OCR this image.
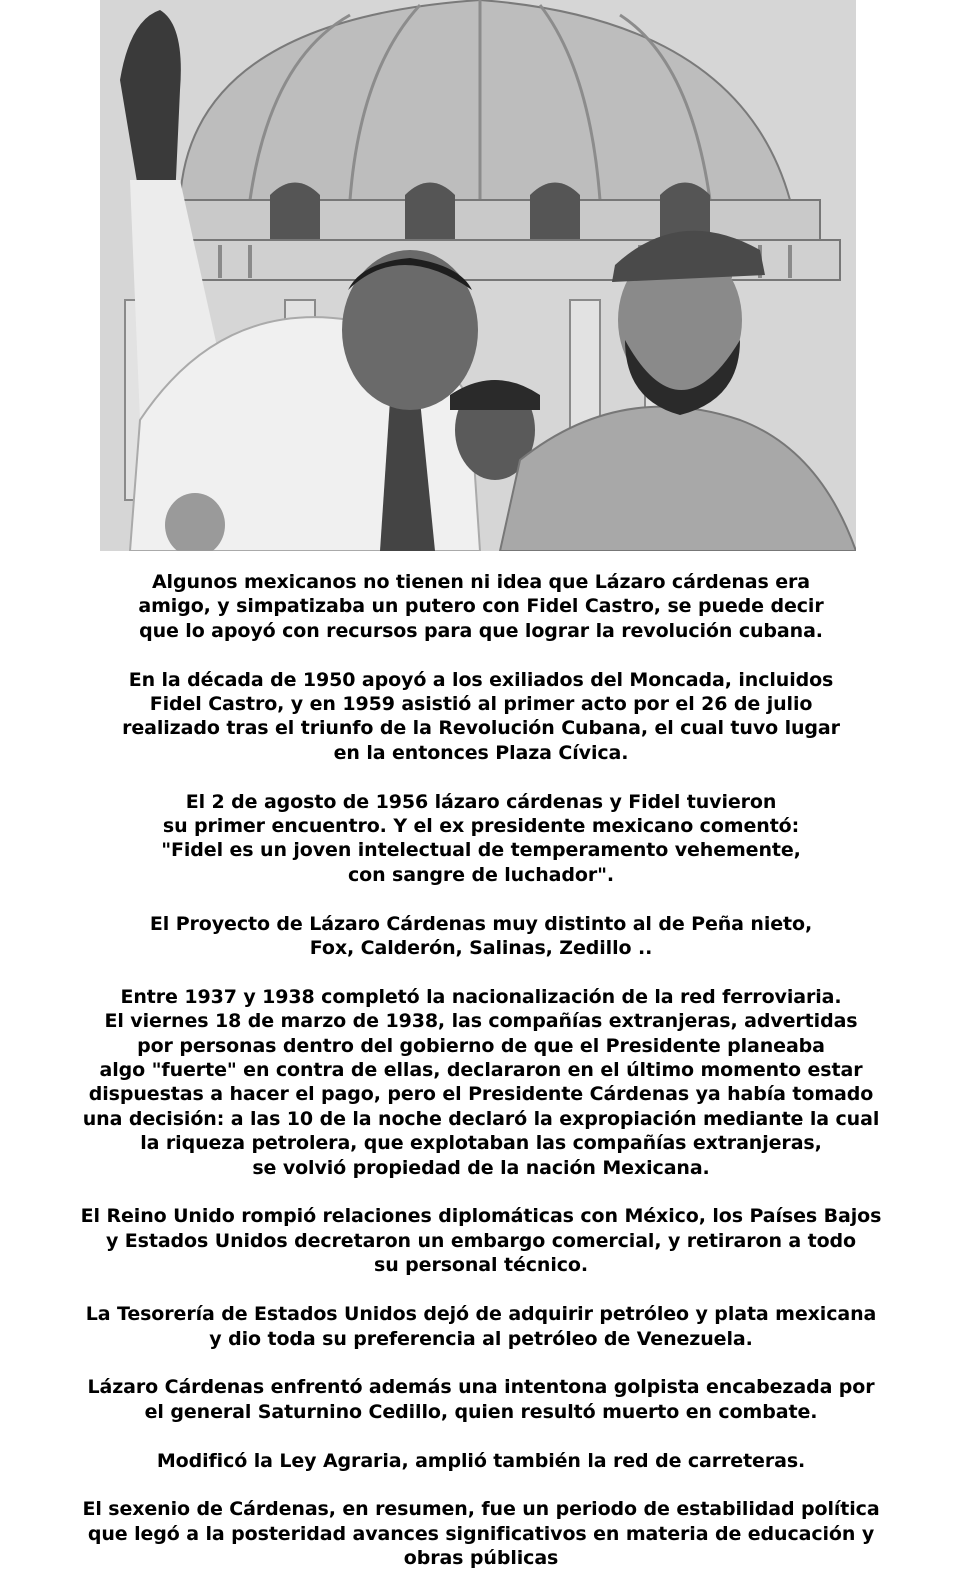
Algunos mexicanos no tienen ni idea que Lázaro cárdenas era
amigo, y simpatizaba un putero con Fidel Castro, se puede decir
que lo apoyó con recursos para que lograr la revolución cubana.

En la década de 1950 apoyó a los exiliados del Moncada, incluidos
Fidel Castro, y en 1959 asistió al primer acto por el 26 de julio
realizado tras el triunfo de la Revolución Cubana, el cual tuvo lugar
en la entonces Plaza Cívica.

El 2 de agosto de 1956 lázaro cárdenas y Fidel tuvieron
su primer encuentro. Y el ex presidente mexicano comentó:
"Fidel es un joven intelectual de temperamento vehemente,
con sangre de luchador".

El Proyecto de Lázaro Cárdenas muy distinto al de Peña nieto,
Fox, Calderón, Salinas, Zedillo ..

Entre 1937 y 1938 completó la nacionalización de la red ferroviaria.
El viernes 18 de marzo de 1938, las compañías extranjeras, advertidas
por personas dentro del gobierno de que el Presidente planeaba
algo "fuerte" en contra de ellas, declararon en el último momento estar
dispuestas a hacer el pago, pero el Presidente Cárdenas ya había tomado
una decisión: a las 10 de la noche declaró la expropiación mediante la cual
la riqueza petrolera, que explotaban las compañías extranjeras,
se volvió propiedad de la nación Mexicana.

El Reino Unido rompió relaciones diplomáticas con México, los Países Bajos
y Estados Unidos decretaron un embargo comercial, y retiraron a todo
su personal técnico.

La Tesorería de Estados Unidos dejó de adquirir petróleo y plata mexicana
y dio toda su preferencia al petróleo de Venezuela.

Lázaro Cárdenas enfrentó además una intentona golpista encabezada por
el general Saturnino Cedillo, quien resultó muerto en combate.

Modificó la Ley Agraria, amplió también la red de carreteras.

El sexenio de Cárdenas, en resumen, fue un periodo de estabilidad política
que legó a la posteridad avances significativos en materia de educación y
obras públicas
